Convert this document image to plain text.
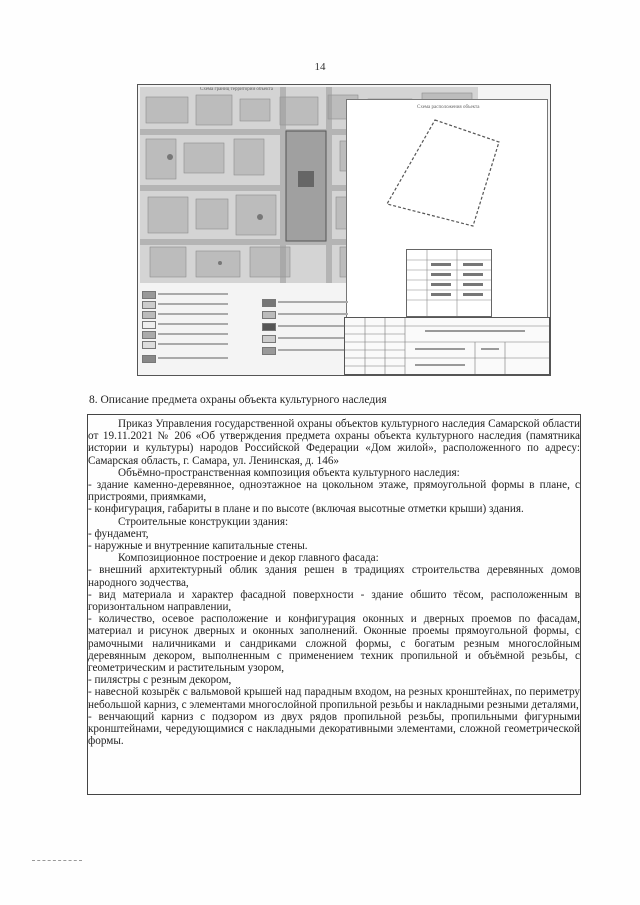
14
Схема границ территории объекта
Схема расположения объекта
8. Описание предмета охраны объекта культурного наследия

Приказ Управления государственной охраны объектов культурного наследия Самарской области от 19.11.2021 № 206 «Об утверждения предмета охраны объекта культурного наследия (памятника истории и культуры) народов Российской Федерации «Дом жилой», расположенного по адресу: Самарская область, г. Самара, ул. Ленинская, д. 146»

Объёмно-пространственная композиция объекта культурного наследия:

- здание каменно-деревянное, одноэтажное на цокольном этаже, прямоугольной формы в плане, с пристроями, приямками,

- конфигурация, габариты в плане и по высоте (включая высотные отметки крыши) здания.

Строительные конструкции здания:

- фундамент,

- наружные и внутренние капитальные стены.

Композиционное построение и декор главного фасада:

- внешний архитектурный облик здания решен в традициях строительства деревянных домов народного зодчества,

- вид материала и характер фасадной поверхности - здание обшито тёсом, расположенным в горизонтальном направлении,

- количество, осевое расположение и конфигурация оконных и дверных проемов по фасадам, материал и рисунок дверных и оконных заполнений. Оконные проемы прямоугольной формы, с рамочными наличниками и сандриками сложной формы, с богатым резным многослойным деревянным декором, выполненным с применением техник пропильной и объёмной резьбы, с геометрическим и растительным узором,

- пилястры с резным декором,

- навесной козырёк с вальмовой крышей над парадным входом, на резных кронштейнах, по периметру небольшой карниз, с элементами многослойной пропильной резьбы и накладными резными деталями,

- венчающий карниз с подзором из двух рядов пропильной резьбы, пропильными фигурными кронштейнами, чередующимися с накладными декоративными элементами, сложной геометрической формы.
